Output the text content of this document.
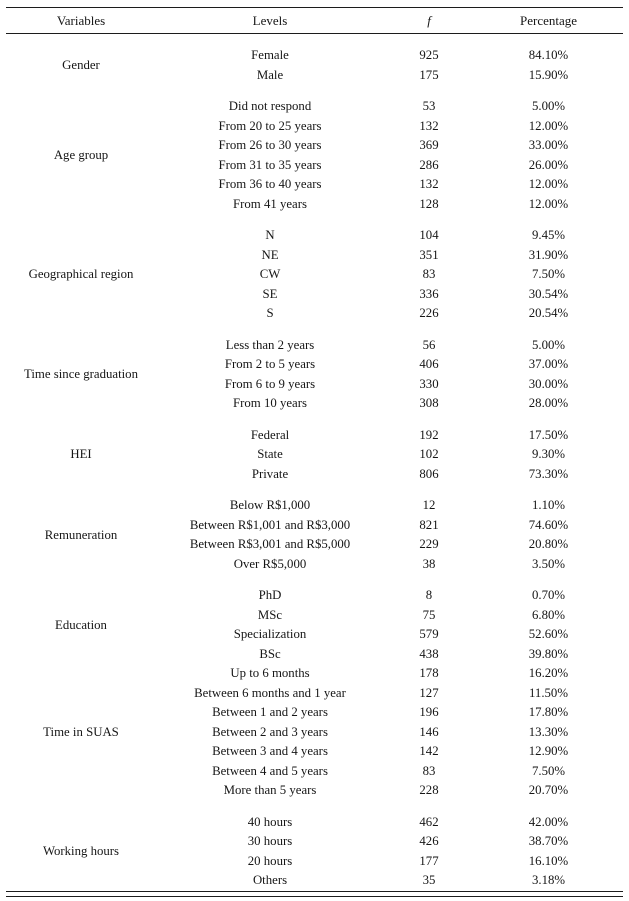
Variables	Levels	f	Percentage

Gender	Female	925	84.10%
	Male	175	15.90%

Age group	Did not respond	53	5.00%
	From 20 to 25 years	132	12.00%
	From 26 to 30 years	369	33.00%
	From 31 to 35 years	286	26.00%
	From 36 to 40 years	132	12.00%
	From 41 years	128	12.00%

Geographical region	N	104	9.45%
	NE	351	31.90%
	CW	83	7.50%
	SE	336	30.54%
	S	226	20.54%

Time since graduation	Less than 2 years	56	5.00%
	From 2 to 5 years	406	37.00%
	From 6 to 9 years	330	30.00%
	From 10 years	308	28.00%

HEI	Federal	192	17.50%
	State	102	9.30%
	Private	806	73.30%

Remuneration	Below R$1,000	12	1.10%
	Between R$1,001 and R$3,000	821	74.60%
	Between R$3,001 and R$5,000	229	20.80%
	Over R$5,000	38	3.50%

Education	PhD	8	0.70%
	MSc	75	6.80%
	Specialization	579	52.60%
	BSc	438	39.80%
Time in SUAS	Up to 6 months	178	16.20%
	Between 6 months and 1 year	127	11.50%
	Between 1 and 2 years	196	17.80%
	Between 2 and 3 years	146	13.30%
	Between 3 and 4 years	142	12.90%
	Between 4 and 5 years	83	7.50%
	More than 5 years	228	20.70%

Working hours	40 hours	462	42.00%
	30 hours	426	38.70%
	20 hours	177	16.10%
	Others	35	3.18%
